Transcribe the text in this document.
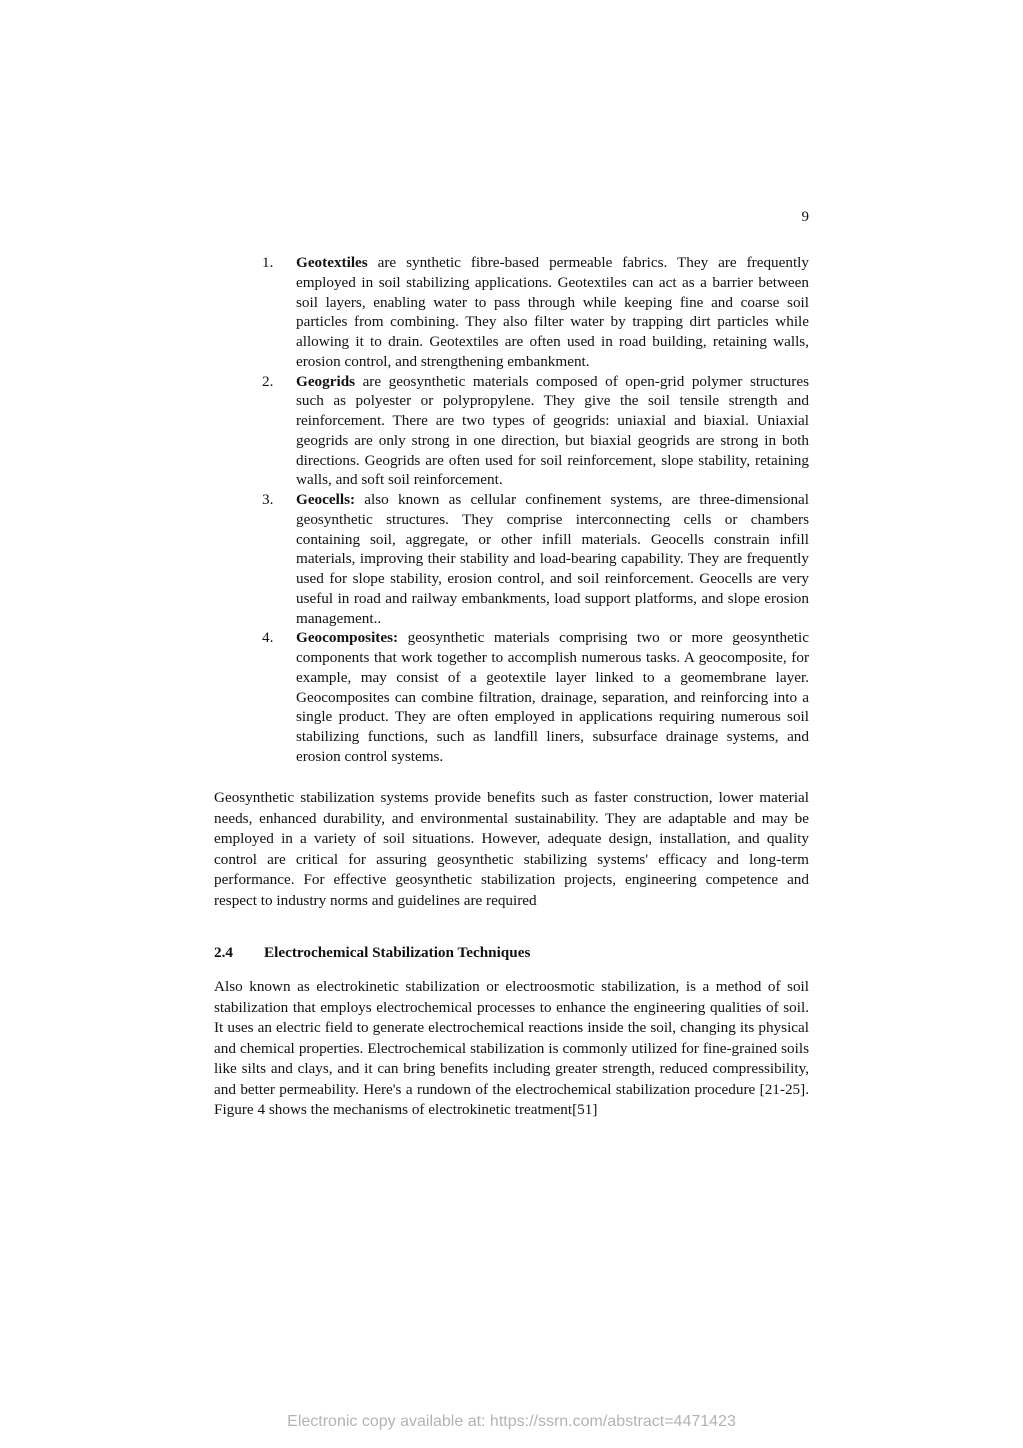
9
1.	Geotextiles are synthetic fibre-based permeable fabrics. They are frequently employed in soil stabilizing applications. Geotextiles can act as a barrier between soil layers, enabling water to pass through while keeping fine and coarse soil particles from combining. They also filter water by trapping dirt particles while allowing it to drain. Geotextiles are often used in road building, retaining walls, erosion control, and strengthening embankment.
2.	Geogrids are geosynthetic materials composed of open-grid polymer structures such as polyester or polypropylene. They give the soil tensile strength and reinforcement. There are two types of geogrids: uniaxial and biaxial. Uniaxial geogrids are only strong in one direction, but biaxial geogrids are strong in both directions. Geogrids are often used for soil reinforcement, slope stability, retaining walls, and soft soil reinforcement.
3.	Geocells: also known as cellular confinement systems, are three-dimensional geosynthetic structures. They comprise interconnecting cells or chambers containing soil, aggregate, or other infill materials. Geocells constrain infill materials, improving their stability and load-bearing capability. They are frequently used for slope stability, erosion control, and soil reinforcement. Geocells are very useful in road and railway embankments, load support platforms, and slope erosion management..
4.	Geocomposites: geosynthetic materials comprising two or more geosynthetic components that work together to accomplish numerous tasks. A geocomposite, for example, may consist of a geotextile layer linked to a geomembrane layer. Geocomposites can combine filtration, drainage, separation, and reinforcing into a single product. They are often employed in applications requiring numerous soil stabilizing functions, such as landfill liners, subsurface drainage systems, and erosion control systems.

Geosynthetic stabilization systems provide benefits such as faster construction, lower material needs, enhanced durability, and environmental sustainability. They are adaptable and may be employed in a variety of soil situations. However, adequate design, installation, and quality control are critical for assuring geosynthetic stabilizing systems' efficacy and long-term performance. For effective geosynthetic stabilization projects, engineering competence and respect to industry norms and guidelines are required

2.4	Electrochemical Stabilization Techniques

Also known as electrokinetic stabilization or electroosmotic stabilization, is a method of soil stabilization that employs electrochemical processes to enhance the engineering qualities of soil. It uses an electric field to generate electrochemical reactions inside the soil, changing its physical and chemical properties. Electrochemical stabilization is commonly utilized for fine-grained soils like silts and clays, and it can bring benefits including greater strength, reduced compressibility, and better permeability. Here's a rundown of the electrochemical stabilization procedure [21-25]. Figure 4 shows the mechanisms of electrokinetic treatment[51]

Electronic copy available at: https://ssrn.com/abstract=4471423
